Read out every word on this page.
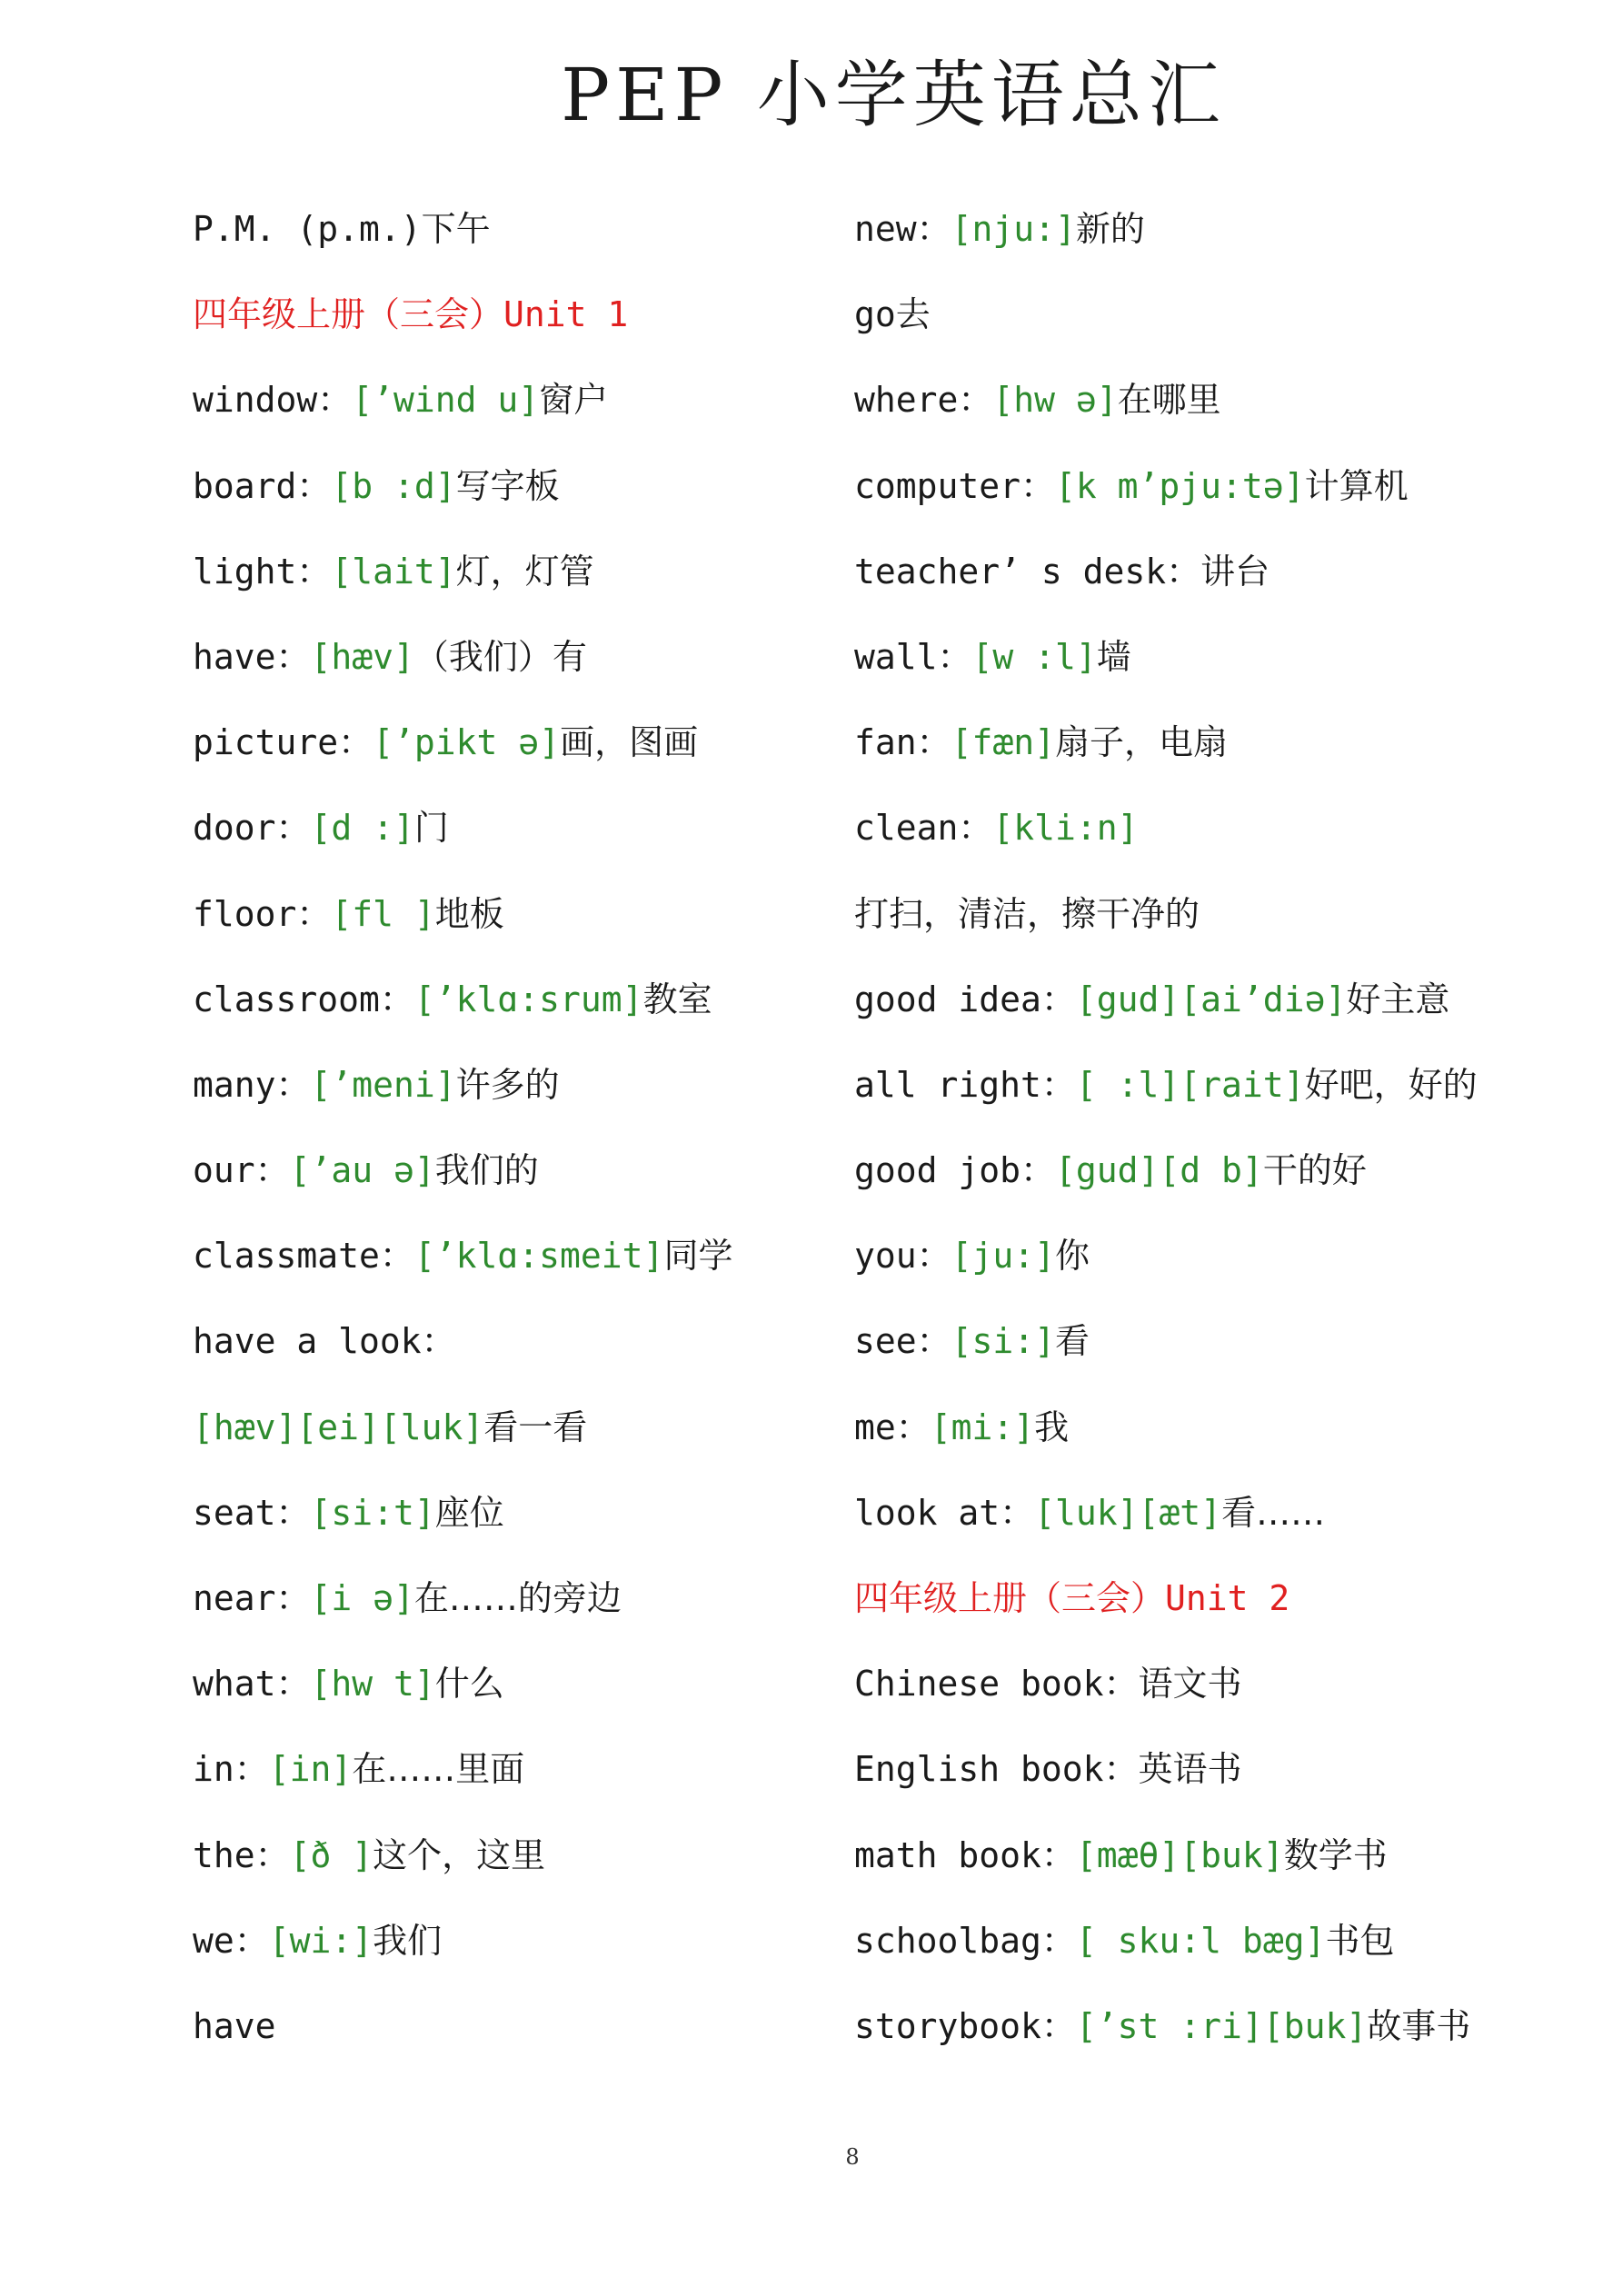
PEP 小学英语总汇
P.M. (p.m.)下午
四年级上册（三会）Unit 1
window：[’wind u]窗户
board：[b :d]写字板
light：[lait]灯，灯管
have：[hæv]（我们）有
picture：[’pikt ə]画，图画
door：[d :]门
floor：[fl ]地板
classroom：[’klɑ:srum]教室
many：[’meni]许多的
our：[’au ə]我们的
classmate：[’klɑ:smeit]同学
have a look：
[hæv][ei][luk]看一看
seat：[si:t]座位
near：[i ə]在……的旁边
what：[hw t]什么
in：[in]在……里面
the：[ð ]这个，这里
we：[wi:]我们
have
new：[nju:]新的
go去
where：[hw ə]在哪里
computer：[k m’pju:tə]计算机
teacher’ s desk：讲台
wall：[w :l]墙
fan：[fæn]扇子，电扇
clean：[kli:n]
打扫，清洁，擦干净的
good idea：[gud][ai’diə]好主意
all right：[ :l][rait]好吧，好的
good job：[gud][d b]干的好
you：[ju:]你
see：[si:]看
me：[mi:]我
look at：[luk][æt]看……
四年级上册（三会）Unit 2
Chinese book：语文书
English book：英语书
math book：[mæθ][buk]数学书
schoolbag：[ sku:l bæg]书包
storybook：[’st :ri][buk]故事书
8
